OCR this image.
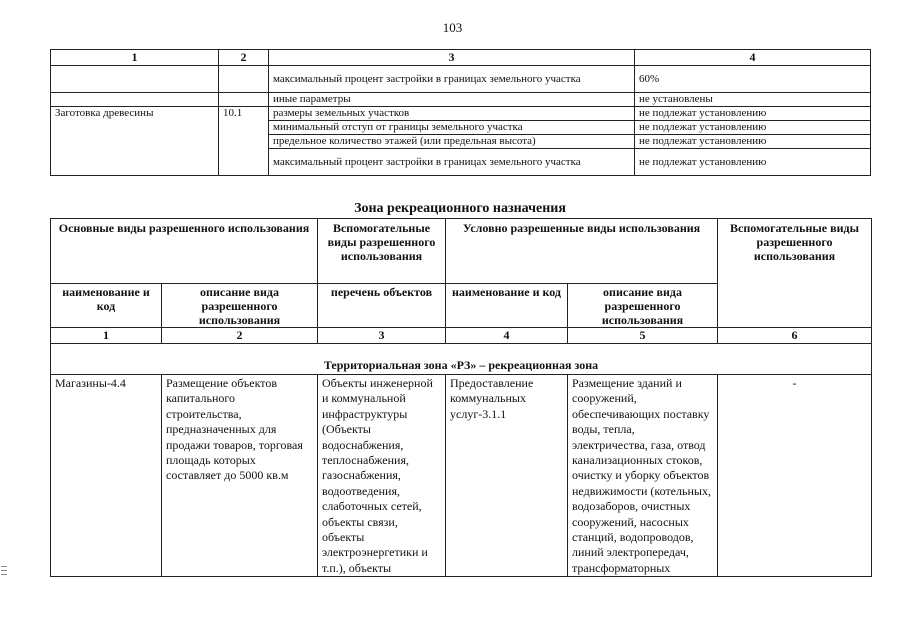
103
1	2	3	4
		максимальный процент застройки в границах земельного участка	60%
		иные параметры	не установлены
Заготовка древесины	10.1	размеры земельных участков	не подлежат установлению
		минимальный отступ от границы земельного участка	не подлежат установлению
		предельное количество этажей (или предельная высота)	не подлежат установлению
		максимальный процент застройки в границах земельного участка	не подлежат установлению
Зона рекреационного назначения
Основные виды разрешенного использования		Вспомогательные виды разрешенного использования	Условно разрешенные виды использования		Вспомогательные виды разрешенного использования
наименование и код	описание вида разрешенного использования	перечень объектов	наименование и код	описание вида разрешенного использования	
1	2	3	4	5	6
Территориальная зона «РЗ» – рекреационная зона					
Магазины-4.4	Размещение объектов капитального строительства, предназначенных для продажи товаров, торговая площадь которых составляет до 5000 кв.м	Объекты инженерной и коммунальной инфраструктуры (Объекты водоснабжения, теплоснабжения, газоснабжения, водоотведения, слаботочных сетей, объекты связи, объекты электроэнергетики и т.п.), объекты	Предоставление коммунальных услуг-3.1.1	Размещение зданий и сооружений, обеспечивающих поставку воды, тепла, электричества, газа, отвод канализационных стоков, очистку и уборку объектов недвижимости (котельных, водозаборов, очистных сооружений, насосных станций, водопроводов, линий электропередач, трансформаторных	-
